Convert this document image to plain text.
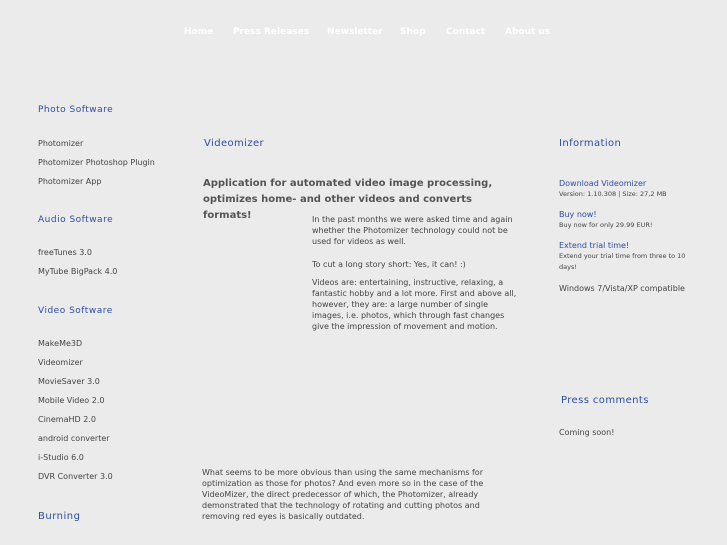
Home Press Releases Newsletter Shop Contact About us
Photo Software
Photomizer
Photomizer Photoshop Plugin
Photomizer App
Audio Software
freeTunes 3.0
MyTube BigPack 4.0
Video Software
MakeMe3D
Videomizer
MovieSaver 3.0
Mobile Video 2.0
CinemaHD 2.0
android converter
i-Studio 6.0
DVR Converter 3.0
Burning
Videomizer
Application for automated video image processing, optimizes home- and other videos and converts formats!	In the past months we were asked time and again whether the Photomizer technology could not be used for videos as well.
To cut a long story short: Yes, it can! :)
Videos are: entertaining, instructive, relaxing, a fantastic hobby and a lot more. First and above all, however, they are: a large number of single images, i.e. photos, which through fast changes give the impression of movement and motion.
What seems to be more obvious than using the same mechanisms for optimization as those for photos? And even more so in the case of the VideoMizer, the direct predecessor of which, the Photomizer, already demonstrated that the technology of rotating and cutting photos and removing red eyes is basically outdated.
Information
Download Videomizer
Version: 1.10.308 | Size: 27,2 MB
Buy now!
Buy now for only 29.99 EUR!
Extend trial time!
Extend your trial time from three to 10 days!
Windows 7/Vista/XP compatible
Press comments
Coming soon!
